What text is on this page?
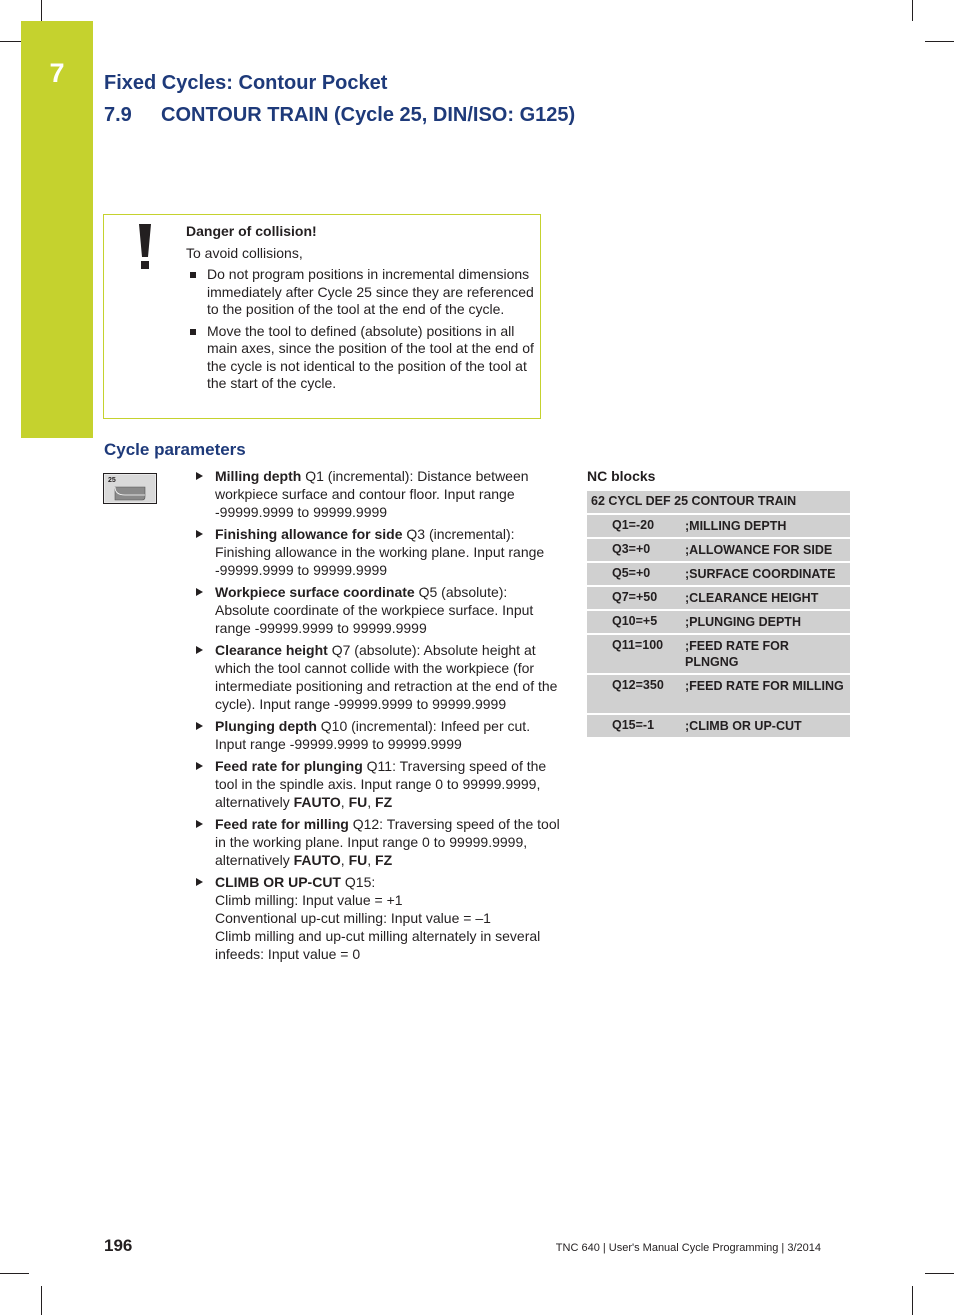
7	Fixed Cycles: Contour Pocket
7.9 CONTOUR TRAIN (Cycle 25, DIN/ISO: G125)
Danger of collision!
To avoid collisions,
Do not program positions in incremental dimensions immediately after Cycle 25 since they are referenced to the position of the tool at the end of the cycle.
Move the tool to defined (absolute) positions in all main axes, since the position of the tool at the end of the cycle is not identical to the position of the tool at the start of the cycle.
Cycle parameters
25	Milling depth Q1 (incremental): Distance between workpiece surface and contour floor. Input range -99999.9999 to 99999.9999
Finishing allowance for side Q3 (incremental): Finishing allowance in the working plane. Input range -99999.9999 to 99999.9999
Workpiece surface coordinate Q5 (absolute): Absolute coordinate of the workpiece surface. Input range -99999.9999 to 99999.9999
Clearance height Q7 (absolute): Absolute height at which the tool cannot collide with the workpiece (for intermediate positioning and retraction at the end of the cycle). Input range -99999.9999 to 99999.9999
Plunging depth Q10 (incremental): Infeed per cut. Input range -99999.9999 to 99999.9999
Feed rate for plunging Q11: Traversing speed of the tool in the spindle axis. Input range 0 to 99999.9999, alternatively FAUTO, FU, FZ
Feed rate for milling Q12: Traversing speed of the tool in the working plane. Input range 0 to 99999.9999, alternatively FAUTO, FU, FZ
CLIMB OR UP-CUT Q15:
Climb milling: Input value = +1
Conventional up-cut milling: Input value = –1
Climb milling and up-cut milling alternately in several infeeds: Input value = 0
NC blocks
62 CYCL DEF 25 CONTOUR TRAIN
Q1=-20	;MILLING DEPTH
Q3=+0	;ALLOWANCE FOR SIDE
Q5=+0	;SURFACE COORDINATE
Q7=+50	;CLEARANCE HEIGHT
Q10=+5	;PLUNGING DEPTH
Q11=100	;FEED RATE FOR PLNGNG
Q12=350	;FEED RATE FOR MILLING
Q15=-1	;CLIMB OR UP-CUT
196	TNC 640 | User's Manual Cycle Programming | 3/2014
